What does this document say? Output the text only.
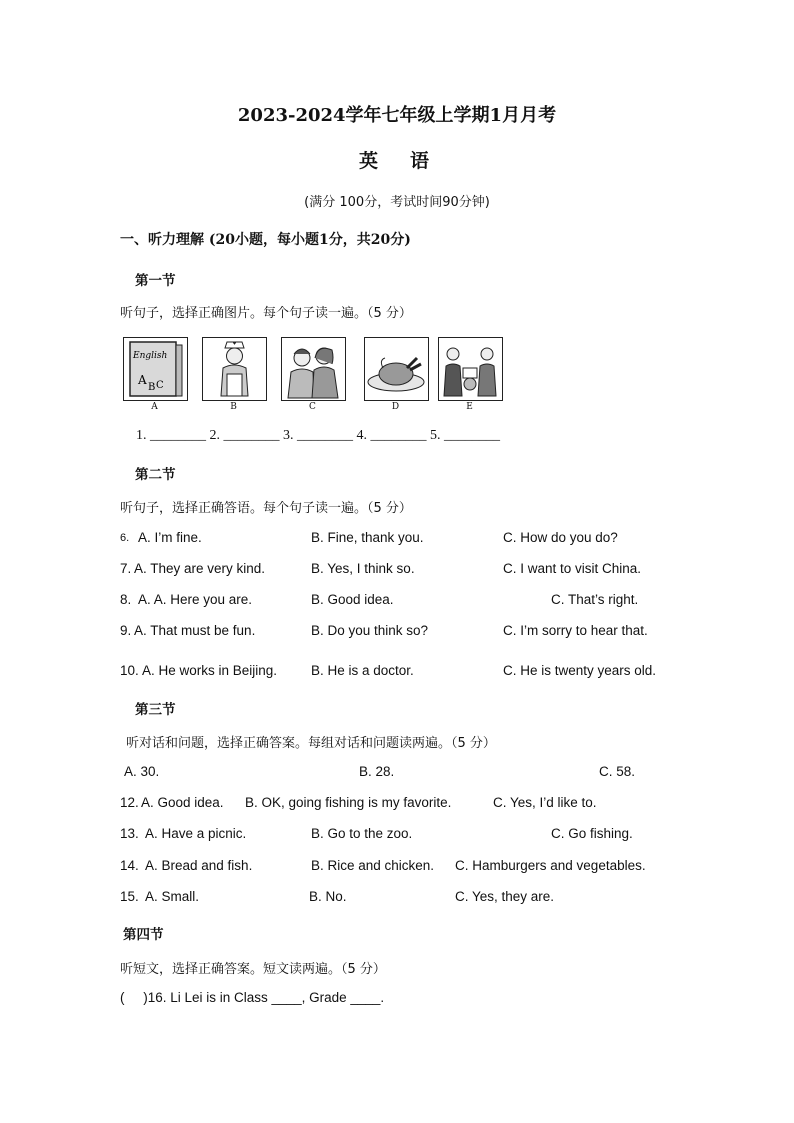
2023-2024学年七年级上学期1月月考
英 语
(满分 100分，考试时间90分钟)
一、听力理解 (20小题，每小题1分，共20分)
第一节
听句子，选择正确图片。每个句子读一遍。（5 分）
English
A
B C
A	B	C	D	E
1. ________ 2. ________ 3. ________ 4. ________ 5. ________
第二节
听句子，选择正确答语。每个句子读一遍。（5 分）
6. A. I’m fine.	B. Fine, thank you.	C. How do you do?
7. A. They are very kind.	B. Yes, I think so.	C. I want to visit China.
8. A. A. Here you are.	B. Good idea.	C. That’s right.
9. A. That must be fun.	B. Do you think so?	C. I’m sorry to hear that.
10. A. He works in Beijing.	B. He is a doctor.	C. He is twenty years old.
第三节
听对话和问题，选择正确答案。每组对话和问题读两遍。（5 分）
A. 30.	B. 28.	C. 58.
12. A. Good idea. B. OK, going fishing is my favorite.	C. Yes, I’d like to.
13. A. Have a picnic.	B. Go to the zoo.	C. Go fishing.
14. A. Bread and fish.	B. Rice and chicken. C. Hamburgers and vegetables.
15. A. Small.	B. No.	C. Yes, they are.
第四节
听短文，选择正确答案。短文读两遍。（5 分）
(     )16. Li Lei is in Class ____, Grade ____.
